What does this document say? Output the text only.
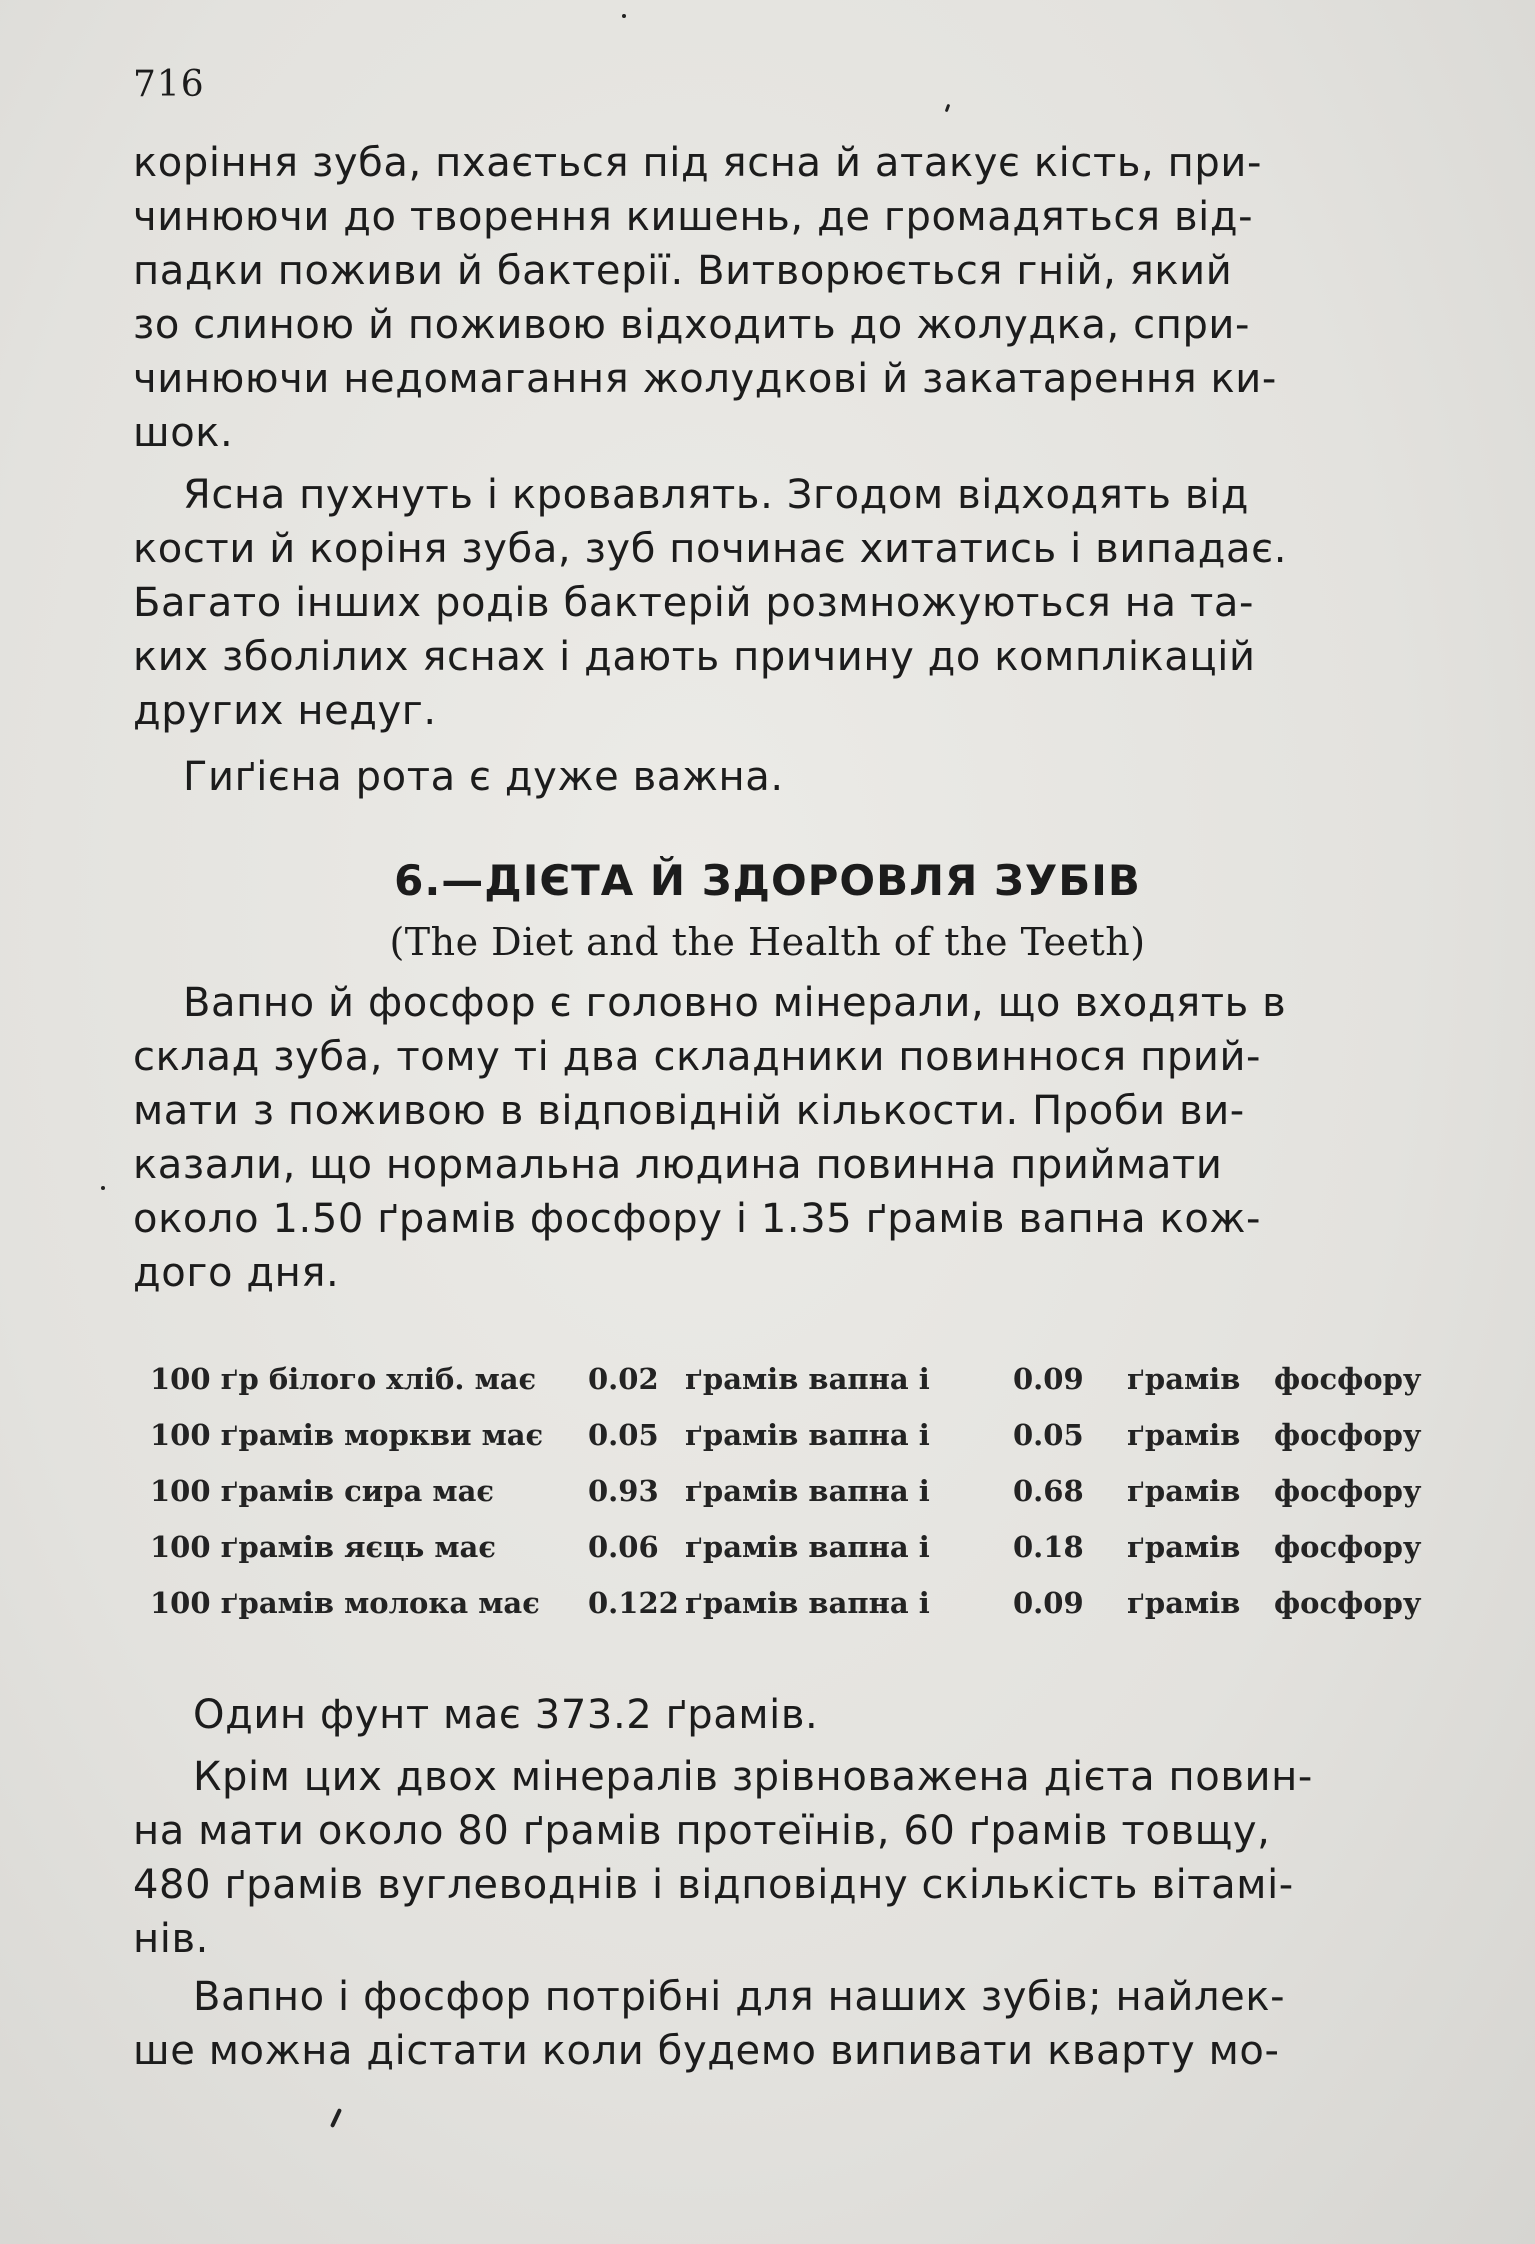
716
коріння зуба, пхається під ясна й атакує кість, при-
чинюючи до творення кишень, де громадяться від-
падки поживи й бактерії. Витворюється гній, який
зо слиною й поживою відходить до жолудка, спри-
чинюючи недомагання жолудкові й закатарення ки-
шок.
Ясна пухнуть і кровавлять. Згодом відходять від
кости й коріня зуба, зуб починає хитатись і випадає.
Багато інших родів бактерій розмножуються на та-
ких зболілих яснах і дають причину до комплікацій
других недуг.
Гиґієна рота є дуже важна.
6.—ДІЄТА Й ЗДОРОВЛЯ ЗУБІВ
(The Diet and the Health of the Teeth)
Вапно й фосфор є головно мінерали, що входять в
склад зуба, тому ті два складники повиннося прий-
мати з поживою в відповідній кількости. Проби ви-
казали, що нормальна людина повинна приймати
около 1.50 ґрамів фосфору і 1.35 ґрамів вапна кож-
дого дня.
100 ґр білого хліб. має 0.02 ґрамів вапна і	0.09 ґрамів фосфору
100 ґрамів моркви має 0.05 ґрамів вапна і	0.05 ґрамів фосфору
100 ґрамів сира має	0.93 ґрамів вапна і	0.68 ґрамів фосфору
100 ґрамів яєць має	0.06 ґрамів вапна і	0.18 ґрамів фосфору
100 ґрамів молока має 0.122 ґрамів вапна і	0.09 ґрамів фосфору
Один фунт має 373.2 ґрамів.
Крім цих двох мінералів зрівноважена дієта повин-
на мати около 80 ґрамів протеїнів, 60 ґрамів товщу,
480 ґрамів вуглеводнів і відповідну скількість вітамі-
нів.
Вапно і фосфор потрібні для наших зубів; найлек-
ше можна дістати коли будемо випивати кварту мо-
